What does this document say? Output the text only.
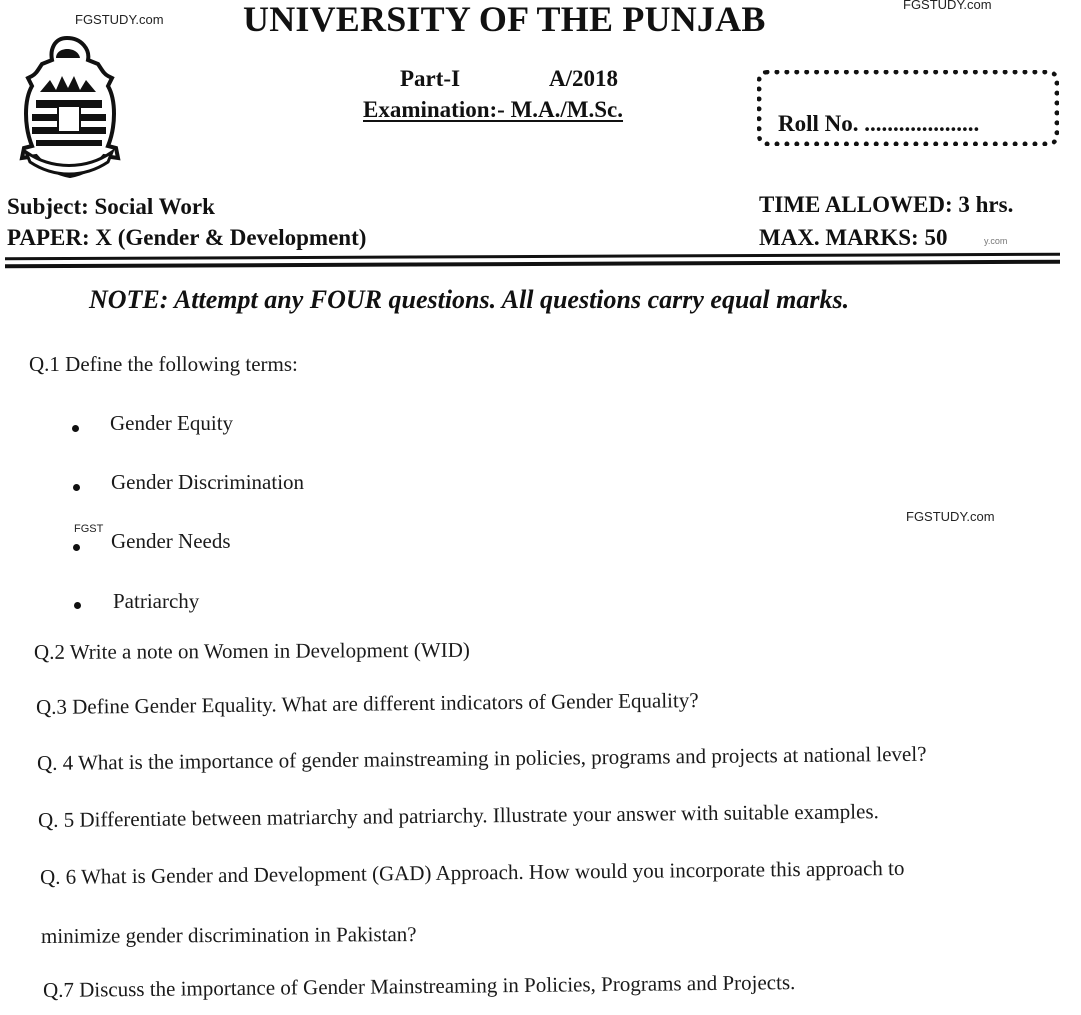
FGSTUDY.com
FGSTUDY.com
FGSTUDY.com
FGST
UNIVERSITY OF THE PUNJAB
Part-I	A/2018
Examination:- M.A./M.Sc.
Roll No. ....................
Subject: Social Work
PAPER: X (Gender & Development)
TIME ALLOWED: 3 hrs.
MAX. MARKS: 50	y.com
NOTE: Attempt any FOUR questions. All questions carry equal marks.
Q.1 Define the following terms:
Gender Equity
Gender Discrimination
Gender Needs
Patriarchy
Q.2 Write a note on Women in Development (WID)
Q.3 Define Gender Equality. What are different indicators of Gender Equality?
Q. 4 What is the importance of gender mainstreaming in policies, programs and projects at national level?
Q. 5 Differentiate between matriarchy and patriarchy. Illustrate your answer with suitable examples.
Q. 6 What is Gender and Development (GAD) Approach. How would you incorporate this approach to
minimize gender discrimination in Pakistan?
Q.7 Discuss the importance of Gender Mainstreaming in Policies, Programs and Projects.
